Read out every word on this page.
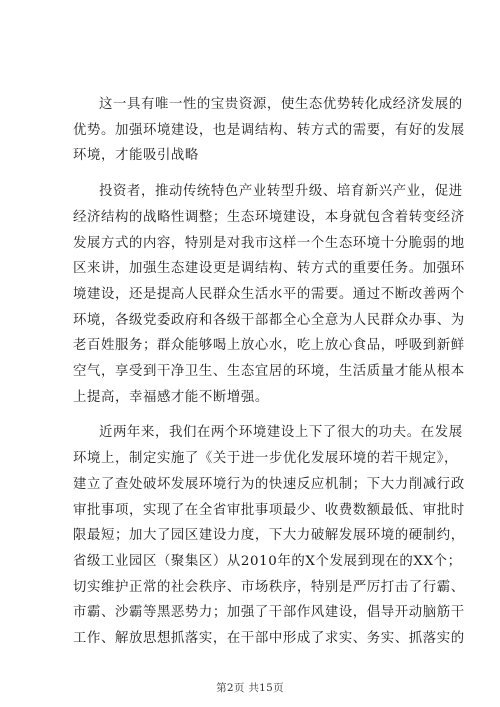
这一具有唯一性的宝贵资源，使生态优势转化成经济发展的

优势。加强环境建设，也是调结构、转方式的需要，有好的发展

环境，才能吸引战略

投资者，推动传统特色产业转型升级、培育新兴产业，促进

经济结构的战略性调整；生态环境建设，本身就包含着转变经济

发展方式的内容，特别是对我市这样一个生态环境十分脆弱的地

区来讲，加强生态建设更是调结构、转方式的重要任务。加强环

境建设，还是提高人民群众生活水平的需要。通过不断改善两个

环境，各级党委政府和各级干部都全心全意为人民群众办事、为

老百姓服务；群众能够喝上放心水，吃上放心食品，呼吸到新鲜

空气，享受到干净卫生、生态宜居的环境，生活质量才能从根本

上提高，幸福感才能不断增强。

近两年来，我们在两个环境建设上下了很大的功夫。在发展

环境上，制定实施了《关于进一步优化发展环境的若干规定》，

建立了查处破坏发展环境行为的快速反应机制；下大力削减行政

审批事项，实现了在全省审批事项最少、收费数额最低、审批时

限最短；加大了园区建设力度，下大力破解发展环境的硬制约，

省级工业园区（聚集区）从2010年的X个发展到现在的XX个；

切实维护正常的社会秩序、市场秩序，特别是严厉打击了行霸、

市霸、沙霸等黑恶势力；加强了干部作风建设，倡导开动脑筋干

工作、解放思想抓落实，在干部中形成了求实、务实、抓落实的

第2页 共15页
